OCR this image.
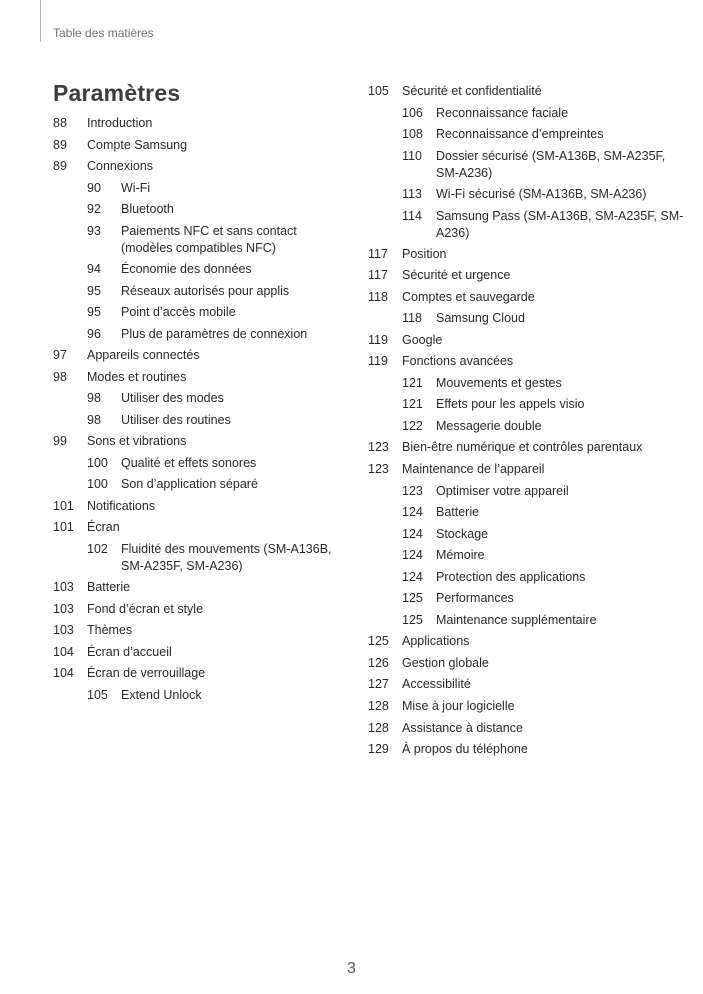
Table des matières
Paramètres
88	Introduction
89	Compte Samsung
89	Connexions
90	Wi-Fi
92	Bluetooth
93	Paiements NFC et sans contact (modèles compatibles NFC)
94	Économie des données
95	Réseaux autorisés pour applis
95	Point d’accès mobile
96	Plus de paramètres de connexion
97	Appareils connectés
98	Modes et routines
98	Utiliser des modes
98	Utiliser des routines
99	Sons et vibrations
100	Qualité et effets sonores
100	Son d’application séparé
101	Notifications
101	Écran
102	Fluidité des mouvements (SM-A136B, SM-A235F, SM-A236)
103	Batterie
103	Fond d’écran et style
103	Thèmes
104	Écran d’accueil
104	Écran de verrouillage
105	Extend Unlock
105	Sécurité et confidentialité
106	Reconnaissance faciale
108	Reconnaissance d’empreintes
110	Dossier sécurisé (SM-A136B, SM-A235F, SM-A236)
113	Wi-Fi sécurisé (SM-A136B, SM-A236)
114	Samsung Pass (SM-A136B, SM-A235F, SM-A236)
117	Position
117	Sécurité et urgence
118	Comptes et sauvegarde
118	Samsung Cloud
119	Google
119	Fonctions avancées
121	Mouvements et gestes
121	Effets pour les appels visio
122	Messagerie double
123	Bien-être numérique et contrôles parentaux
123	Maintenance de l’appareil
123	Optimiser votre appareil
124	Batterie
124	Stockage
124	Mémoire
124	Protection des applications
125	Performances
125	Maintenance supplémentaire
125	Applications
126	Gestion globale
127	Accessibilité
128	Mise à jour logicielle
128	Assistance à distance
129	À propos du téléphone
3
